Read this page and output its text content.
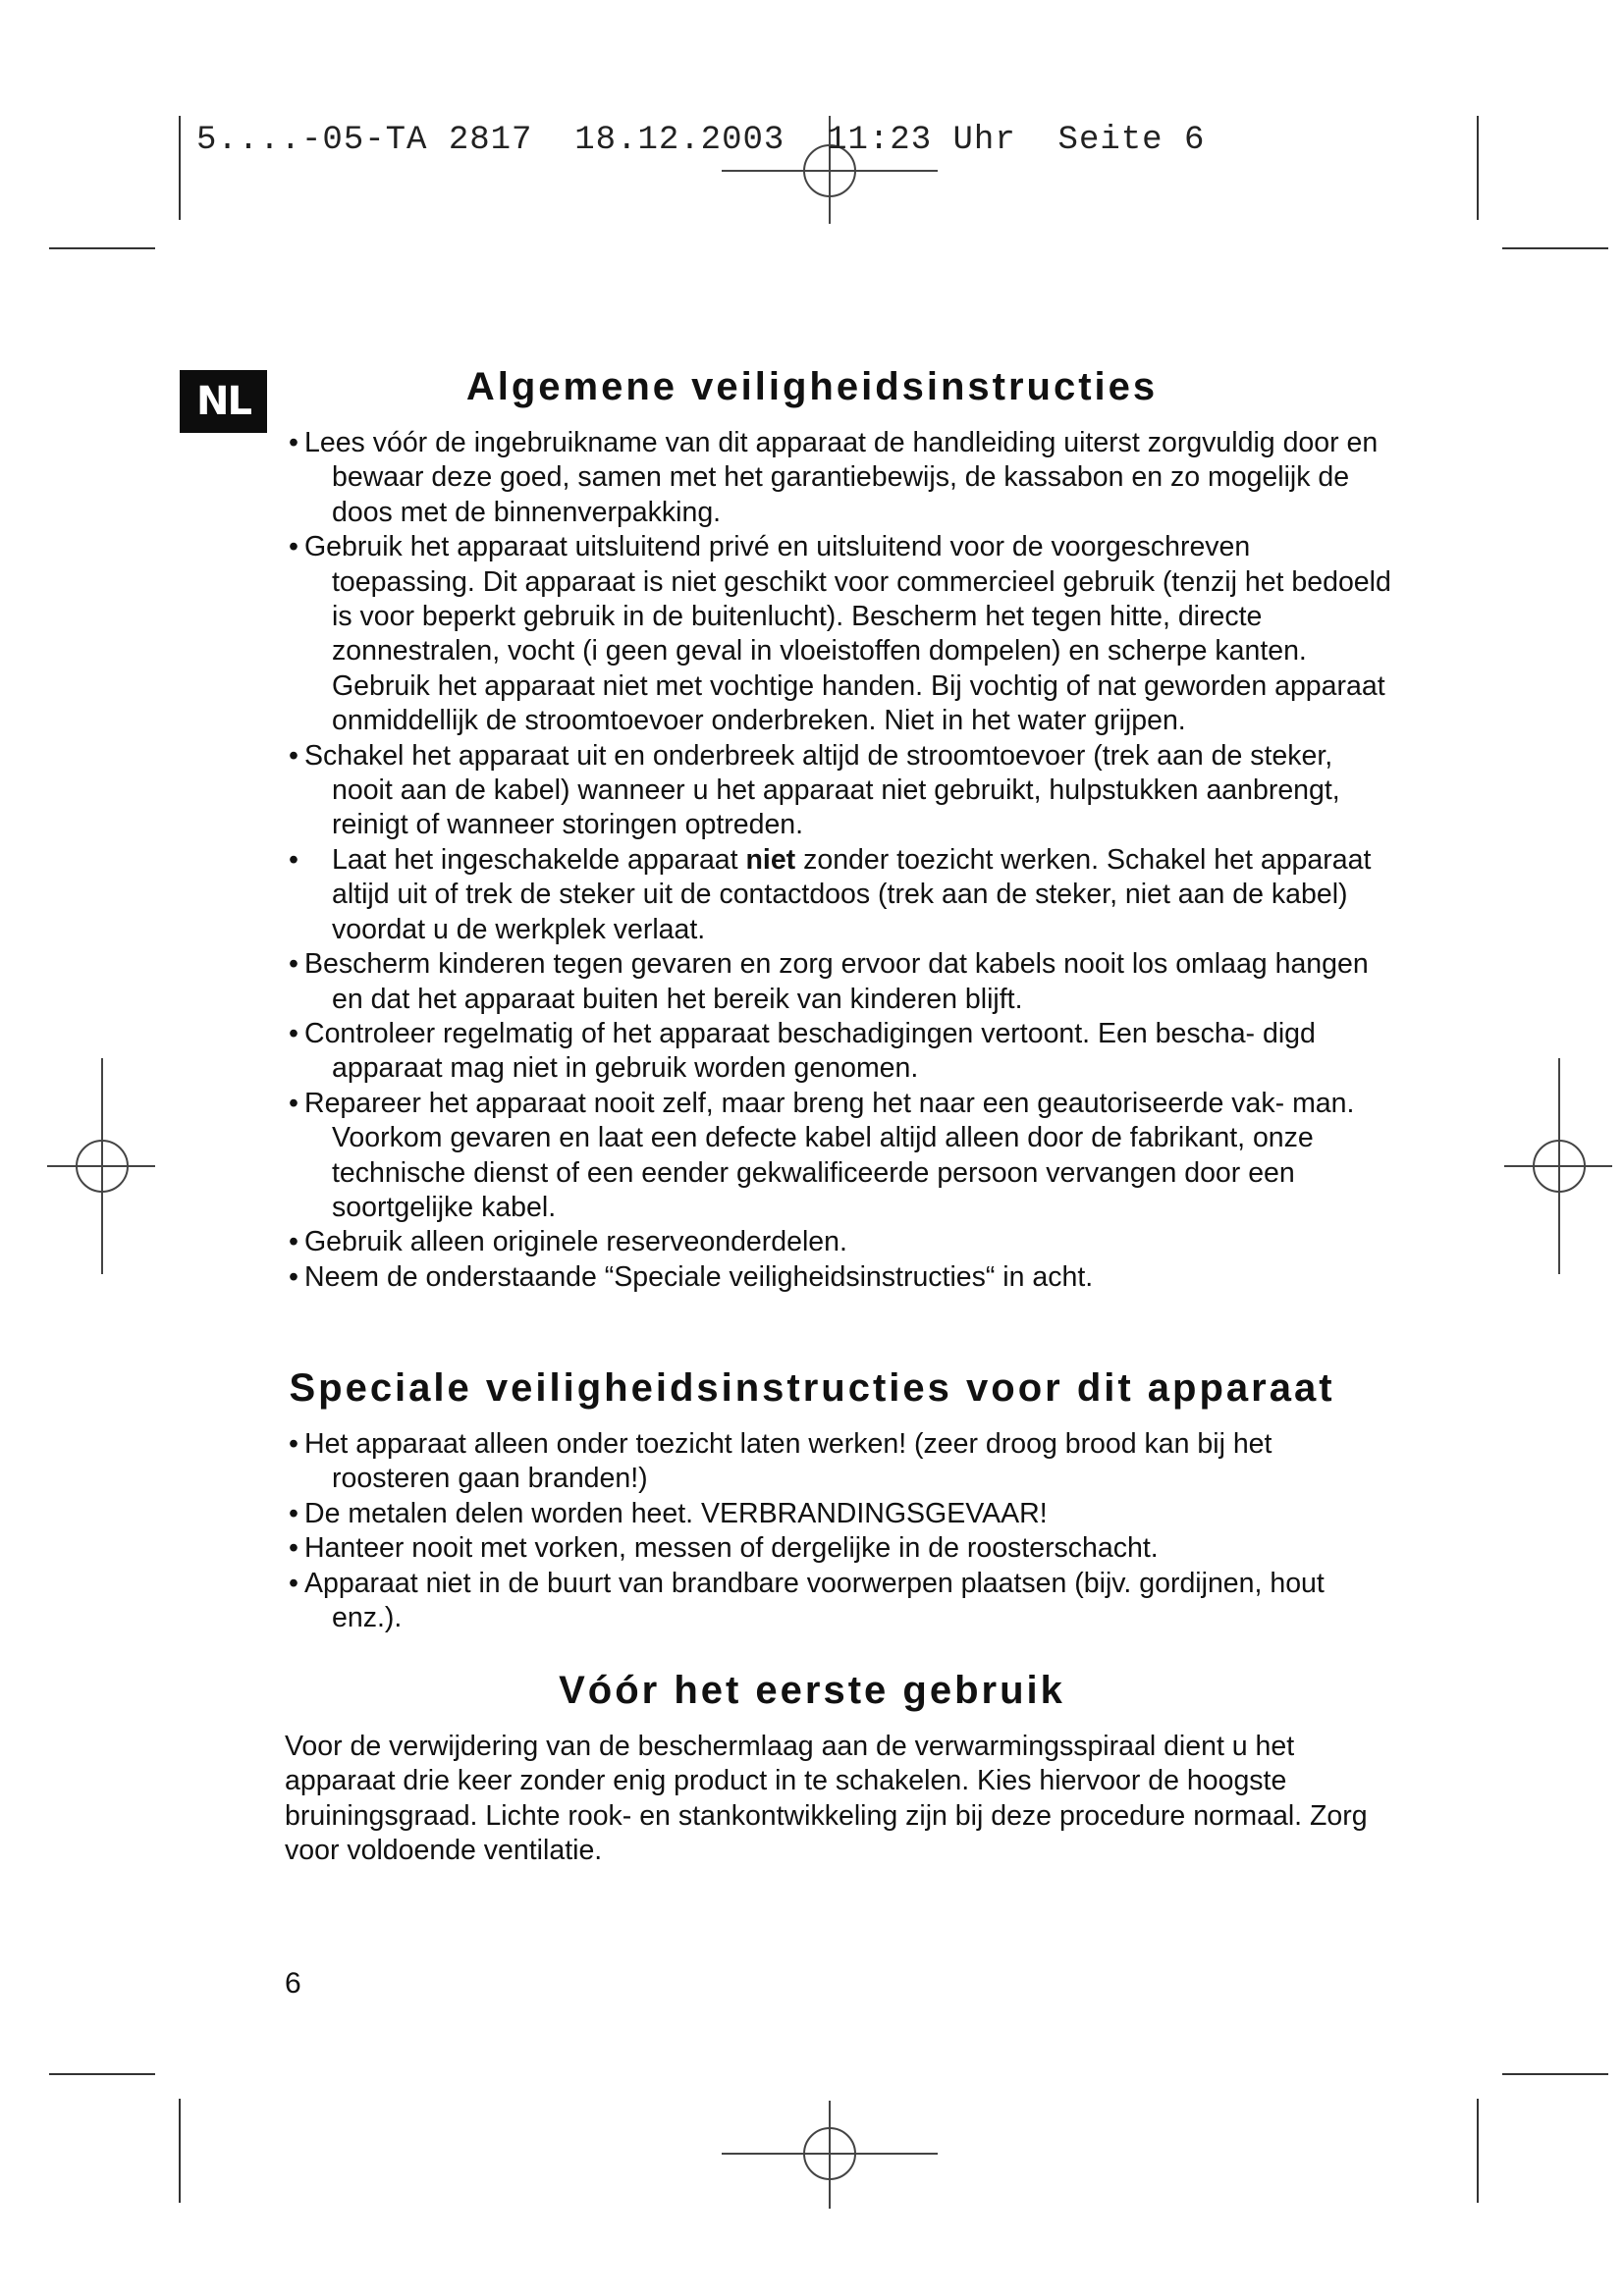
5....-05-TA 2817  18.12.2003  11:23 Uhr  Seite 6

NL	Algemene veiligheidsinstructies
• Lees vóór de ingebruikname van dit apparaat de handleiding uiterst zorgvuldig door en bewaar deze goed, samen met het garantiebewijs, de kassabon en zo mogelijk de doos met de binnenverpakking.
• Gebruik het apparaat uitsluitend privé en uitsluitend voor de voorgeschreven toepassing. Dit apparaat is niet geschikt voor commercieel gebruik (tenzij het bedoeld is voor beperkt gebruik in de buitenlucht). Bescherm het tegen hitte, directe zonnestralen, vocht (i geen geval in vloeistoffen dompelen) en scherpe kanten. Gebruik het apparaat niet met vochtige handen. Bij vochtig of nat geworden apparaat onmiddellijk de stroomtoevoer onderbreken. Niet in het water grijpen.
• Schakel het apparaat uit en onderbreek altijd de stroomtoevoer (trek aan de steker, nooit aan de kabel) wanneer u het apparaat niet gebruikt, hulpstukken aanbrengt, reinigt of wanneer storingen optreden.
• Laat het ingeschakelde apparaat niet zonder toezicht werken. Schakel het apparaat altijd uit of trek de steker uit de contactdoos (trek aan de steker, niet aan de kabel) voordat u de werkplek verlaat.
• Bescherm kinderen tegen gevaren en zorg ervoor dat kabels nooit los omlaag hangen en dat het apparaat buiten het bereik van kinderen blijft.
• Controleer regelmatig of het apparaat beschadigingen vertoont. Een bescha- digd apparaat mag niet in gebruik worden genomen.
• Repareer het apparaat nooit zelf, maar breng het naar een geautoriseerde vak- man. Voorkom gevaren en laat een defecte kabel altijd alleen door de fabrikant, onze technische dienst of een eender gekwalificeerde persoon vervangen door een soortgelijke kabel.
• Gebruik alleen originele reserveonderdelen.
• Neem de onderstaande “Speciale veiligheidsinstructies“ in acht.
Speciale veiligheidsinstructies voor dit apparaat
• Het apparaat alleen onder toezicht laten werken! (zeer droog brood kan bij het roosteren gaan branden!)
• De metalen delen worden heet. VERBRANDINGSGEVAAR!
• Hanteer nooit met vorken, messen of dergelijke in de roosterschacht.
• Apparaat niet in de buurt van brandbare voorwerpen plaatsen (bijv. gordijnen, hout enz.).
Vóór het eerste gebruik

Voor de verwijdering van de beschermlaag aan de verwarmingsspiraal dient u het apparaat drie keer zonder enig product in te schakelen. Kies hiervoor de hoogste bruiningsgraad. Lichte rook- en stankontwikkeling zijn bij deze procedure normaal. Zorg voor voldoende ventilatie.

6
